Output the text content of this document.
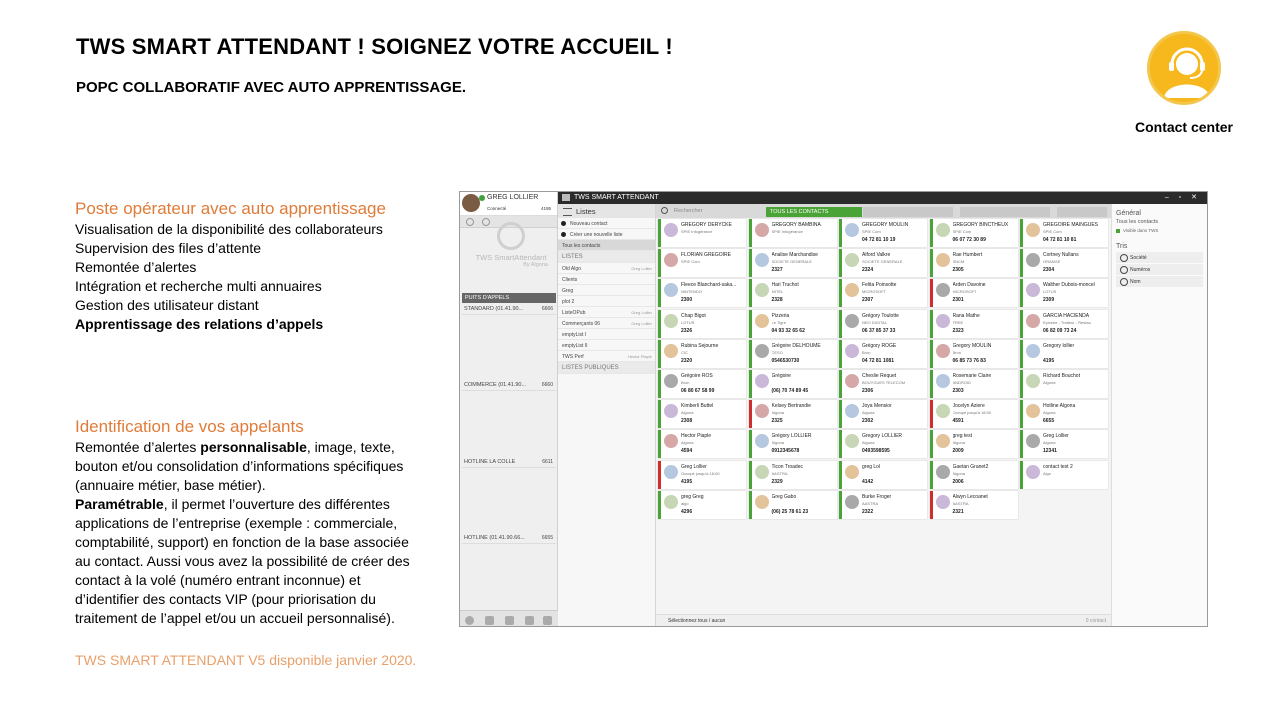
TWS SMART ATTENDANT ! SOIGNEZ VOTRE ACCUEIL !
POPC COLLABORATIF AVEC AUTO APPRENTISSAGE.
Contact center
Poste opérateur avec auto apprentissage
Visualisation de la disponibilité des collaborateurs
Supervision des files d’attente
Remontée d’alertes
Intégration et recherche multi annuaires
Gestion des utilisateur distant
Apprentissage des relations d’appels
Identification de vos appelants
Remontée d’alertes personnalisable, image, texte, bouton et/ou consolidation d’informations spécifiques (annuaire métier, base métier).
Paramétrable, il permet l’ouverture des différentes applications de l’entreprise (exemple : commerciale, comptabilité, support) en fonction de la base associée au contact. Aussi vous avez la possibilité de créer des contact à la volé (numéro entrant inconnue) et d’identifier des contacts VIP (pour priorisation du traitement de l’appel et/ou un accueil personnalisé).
TWS SMART ATTENDANT V5 disponible janvier 2020.
TWS SMART ATTENDANT	– ▫ ✕
GREG LOLLIER
Connecté	4195
TWS SmartAttendant
By Algona
PUITS D'APPELS
STANDARD (01.41.90...	6666
COMMERCE (01.41.90...	6660
HOTLINE LA COLLE	6611
HOTLINE (01.41.90.66...	6655
Listes
Nouveau contact
Créer une nouvelle liste
Tous les contacts
LISTES
Old Algo	Greg Lollier
Clients
Greg
plot 2
ListeOPub	Greg Lollier
Commerçants 06	Greg Lollier
emptyList I
emptyList II
TWS Perf	Hector Piaple
LISTES PUBLIQUES
Rechercher	TOUS LES CONTACTS
GREGORY DERYCKE
SPIE Infogérance
GREGORY BAMBINA
SPIE Infogérance
GREGORY MOULIN
SPIE Com
04 72 81 10 19
GREGORY BINCTHEUX
SPIE Com
06 07 72 30 89
GREGOIRE MAINGUES
SPIE Com
04 72 81 10 81
FLORIAN GREGOIRE
SPIE Com
Analise Marchandise
SOCIETE GENERALE
2327
Alford Valkre
SOCIETE GENERALE
2324
Rae Humbert
SNCM
2305
Cortney Nullans
ORANGE
2304
Fleece Blanchard-saka...
NINTENDO
2300
Hari Truchot
MITEL
2328
Felita Poinsotte
MICROSOFT
2307
Arden Davoine
MICROSOFT
2301
Walther Dubois-moncel
LOTUS
2309
Chap Bigot
LOTUS
2326
Pizzeria
Le Tigre
04 93 32 65 62
Grégory Toulotte
NEO DIGITAL
06 37 85 37 33
Rana Mathe
FREE
2323
GARCIA HACIENDA
Epicerie - Traiteur - Restau
06 82 09 73 24
Rubina Sejourne
CIC
2320
Grégoire DELHOUME
CESO
0546530730
Grégory ROGE
Bron
04 72 81 1081
Gregory MOULIN
Bron
06 85 73 76 83
Gregory lollier
4195
Grégoire ROS
Bron
06 80 67 58 99
Grégoire
(06) 70 74 89 45
Cheslie Requet
BOUYGUES TELECOM
2306
Rosemarie Claire
ANDROID
2303
Richard Bouchot
Algona
Kimberli Buttel
Algona
2308
Kelsey Bertrandie
Algona
2325
Joya Mensior
Algona
2302
Jocelyn Aziere
Occupé jusqu'à 18:00
4591
Hotline Algona
Algona
6655
Hector Piaple
Algona
4594
Grégory LOLLIER
Algona
0912345678
Gregory LOLLIER
Algona
0493598595
greg test
Algona
2009
Greg Lollier
Algona
12341
Greg Lollier
Occupé jusqu'à 18:00
4195
Ticon Troadec
AASTRA
2329
greg Lol
4142
Gaetan Granet2
Algona
2006
contact test 2
Algo
greg Greg
algo
4296
Greg Gabo
(06) 25 78 61 23
Burke Froger
AASTRA
2322
Alwyn Lecoanet
AASTRA
2321
Sélectionnez tous / aucun	0 contact
Général
Tous les contacts
Visible dans TWS
Tris
Société
Numéros
Nom
